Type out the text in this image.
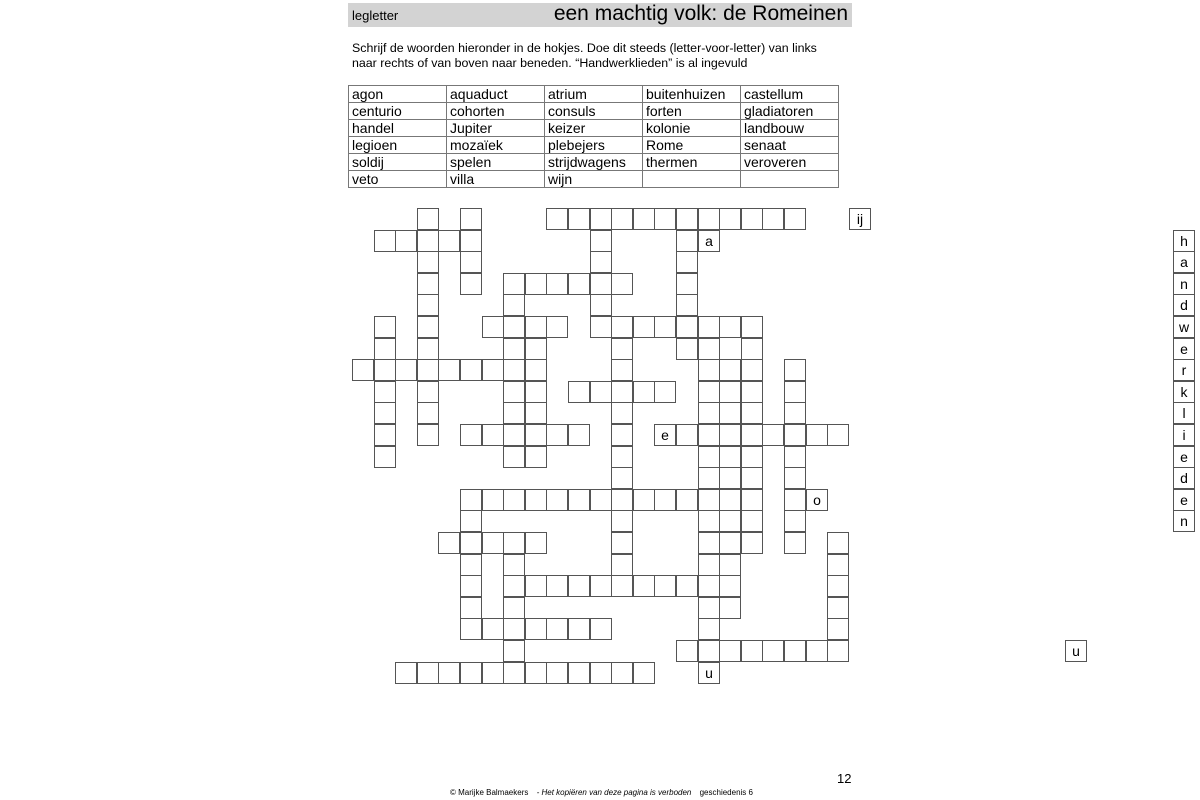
legletter	een machtig volk: de Romeinen
Schrijf de woorden hieronder in de hokjes. Doe dit steeds (letter-voor-letter) van links
naar rechts of van boven naar beneden. “Handwerklieden” is al ingevuld
agon	aquaduct	atrium	buitenhuizen	castellum
centurio	cohorten	consuls	forten	gladiatoren
handel	Jupiter	keizer	kolonie	landbouw
legioen	mozaïek	plebejers	Rome	senaat
soldij	spelen	strijdwagens	thermen	veroveren
veto	villa	wijn		
h
a
n
d
w
e
r
k
l
i
e
d
e
n
u
ij
a
e
o
u
12
© Marijke Balmaekers - Het kopiëren van deze pagina is verboden geschiedenis 6
